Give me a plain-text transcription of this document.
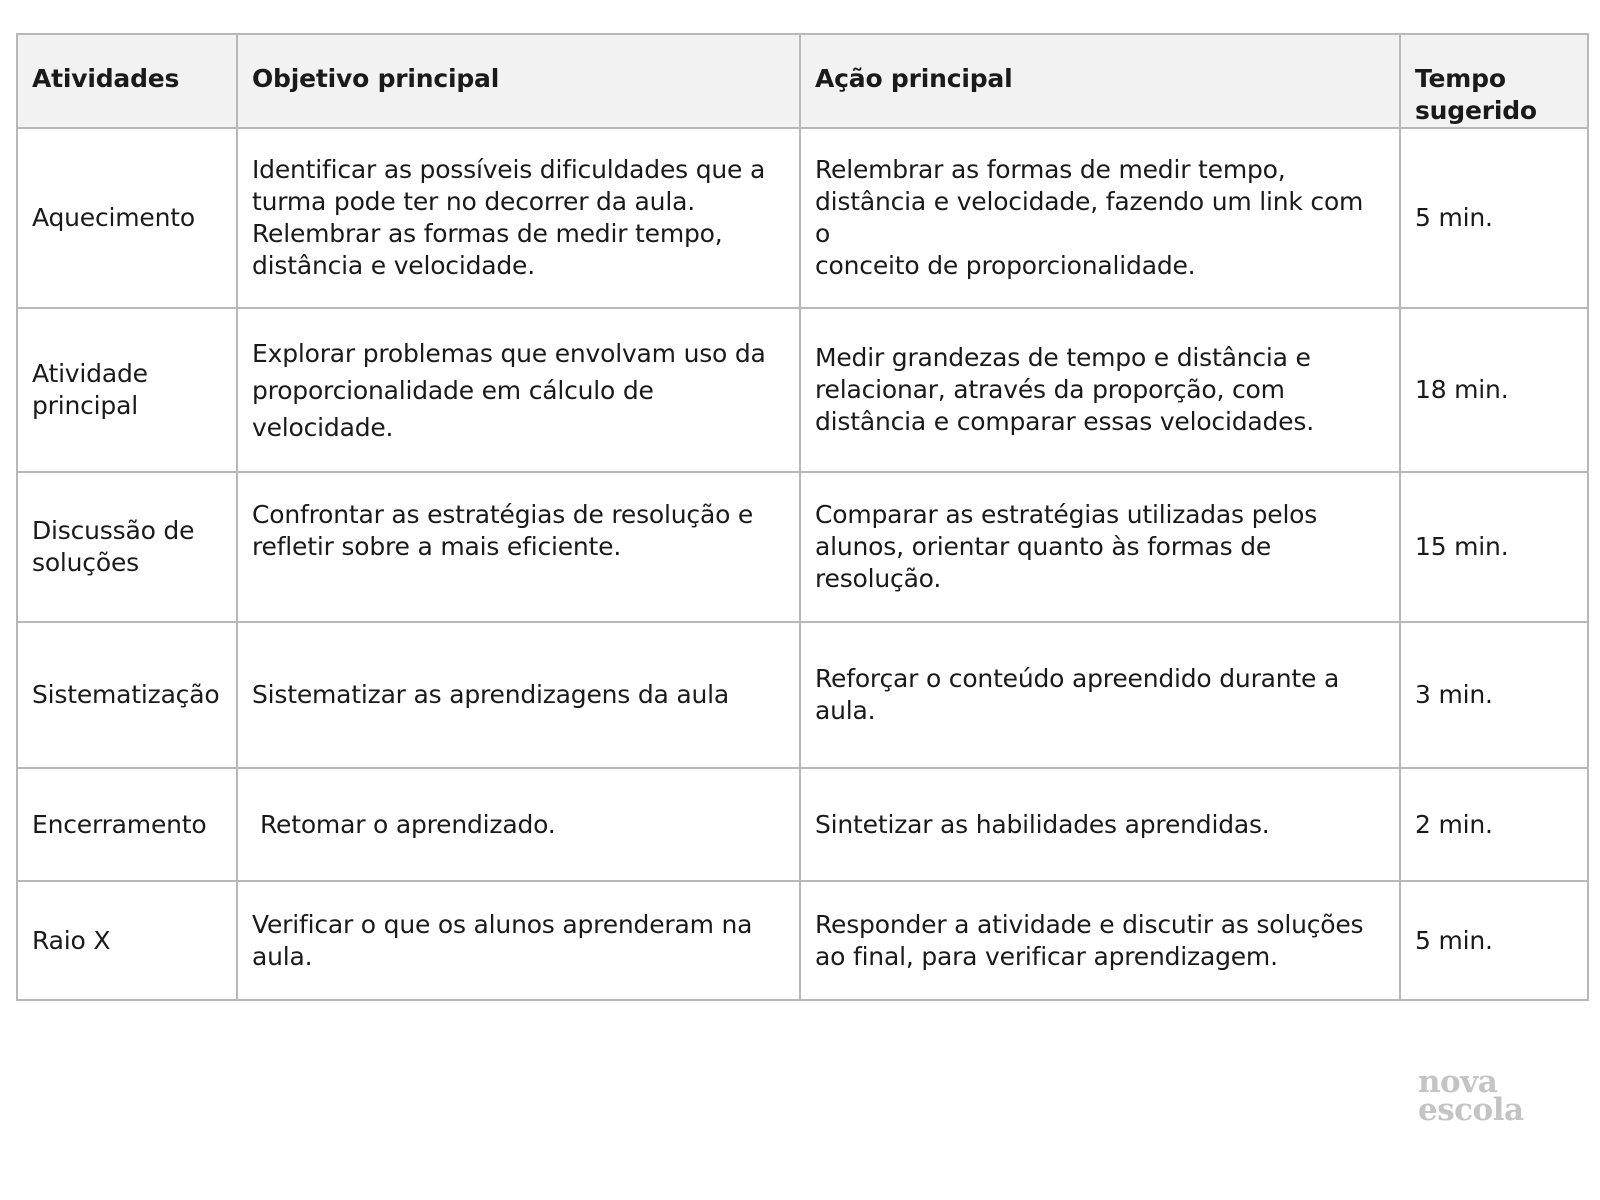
Atividades	Objetivo principal	Ação principal	Tempo
sugerido

Aquecimento	Identificar as possíveis dificuldades que a
turma pode ter no decorrer da aula.
Relembrar as formas de medir tempo,
distância e velocidade.	Relembrar as formas de medir tempo,
distância e velocidade, fazendo um link com o
conceito de proporcionalidade.	5 min.

Atividade
principal	Explorar problemas que envolvam uso da
proporcionalidade em cálculo de
velocidade.	Medir grandezas de tempo e distância e
relacionar, através da proporção, com
distância e comparar essas velocidades.	18 min.

Discussão de
soluções	Confrontar as estratégias de resolução e
refletir sobre a mais eficiente.	Comparar as estratégias utilizadas pelos
alunos, orientar quanto às formas de
resolução.	15 min.

Sistematização	Sistematizar as aprendizagens da aula	Reforçar o conteúdo apreendido durante a
aula.	3 min.

Encerramento	Retomar o aprendizado.	Sintetizar as habilidades aprendidas.	2 min.

Raio X	Verificar o que os alunos aprenderam na
aula.	Responder a atividade e discutir as soluções
ao final, para verificar aprendizagem.	5 min.
nova
escola
